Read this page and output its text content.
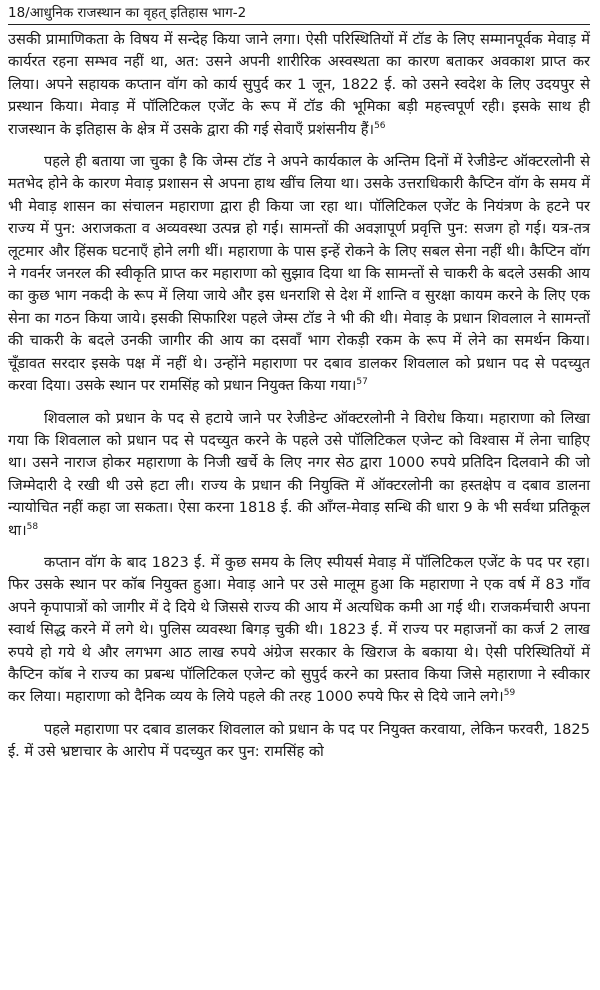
18/आधुनिक राजस्थान का वृहत् इतिहास भाग-2

उसकी प्रामाणिकता के विषय में सन्देह किया जाने लगा। ऐसी परिस्थितियों में टॉड के लिए सम्मानपूर्वक मेवाड़ में कार्यरत रहना सम्भव नहीं था, अत: उसने अपनी शारीरिक अस्वस्थता का कारण बताकर अवकाश प्राप्त कर लिया। अपने सहायक कप्तान वॉग को कार्य सुपुर्द कर 1 जून, 1822 ई. को उसने स्वदेश के लिए उदयपुर से प्रस्थान किया। मेवाड़ में पॉलिटिकल एजेंट के रूप में टॉड की भूमिका बड़ी महत्त्वपूर्ण रही। इसके साथ ही राजस्थान के इतिहास के क्षेत्र में उसके द्वारा की गई सेवाएँ प्रशंसनीय हैं।$^{56}$

पहले ही बताया जा चुका है कि जेम्स टॉड ने अपने कार्यकाल के अन्तिम दिनों में रेजीडेन्ट ऑक्टरलोनी से मतभेद होने के कारण मेवाड़ प्रशासन से अपना हाथ खींच लिया था। उसके उत्तराधिकारी कैप्टिन वॉग के समय में भी मेवाड़ शासन का संचालन महाराणा द्वारा ही किया जा रहा था। पॉलिटिकल एजेंट के नियंत्रण के हटने पर राज्य में पुन: अराजकता व अव्यवस्था उत्पन्न हो गई। सामन्तों की अवज्ञापूर्ण प्रवृत्ति पुन: सजग हो गई। यत्र-तत्र लूटमार और हिंसक घटनाएँ होने लगी थीं। महाराणा के पास इन्हें रोकने के लिए सबल सेना नहीं थी। कैप्टिन वॉग ने गवर्नर जनरल की स्वीकृति प्राप्त कर महाराणा को सुझाव दिया था कि सामन्तों से चाकरी के बदले उसकी आय का कुछ भाग नकदी के रूप में लिया जाये और इस धनराशि से देश में शान्ति व सुरक्षा कायम करने के लिए एक सेना का गठन किया जाये। इसकी सिफारिश पहले जेम्स टॉड ने भी की थी। मेवाड़ के प्रधान शिवलाल ने सामन्तों की चाकरी के बदले उनकी जागीर की आय का दसवाँ भाग रोकड़ी रकम के रूप में लेने का समर्थन किया। चूँडावत सरदार इसके पक्ष में नहीं थे। उन्होंने महाराणा पर दबाव डालकर शिवलाल को प्रधान पद से पदच्युत करवा दिया। उसके स्थान पर रामसिंह को प्रधान नियुक्त किया गया।$^{57}$

शिवलाल को प्रधान के पद से हटाये जाने पर रेजीडेन्ट ऑक्टरलोनी ने विरोध किया। महाराणा को लिखा गया कि शिवलाल को प्रधान पद से पदच्युत करने के पहले उसे पॉलिटिकल एजेन्ट को विश्वास में लेना चाहिए था। उसने नाराज होकर महाराणा के निजी खर्चे के लिए नगर सेठ द्वारा 1000 रुपये प्रतिदिन दिलवाने की जो जिम्मेदारी दे रखी थी उसे हटा ली। राज्य के प्रधान की नियुक्ति में ऑक्टरलोनी का हस्तक्षेप व दबाव डालना न्यायोचित नहीं कहा जा सकता। ऐसा करना 1818 ई. की आँग्ल-मेवाड़ सन्धि की धारा 9 के भी सर्वथा प्रतिकूल था।$^{58}$

कप्तान वॉग के बाद 1823 ई. में कुछ समय के लिए स्पीयर्स मेवाड़ में पॉलिटिकल एजेंट के पद पर रहा। फिर उसके स्थान पर कॉब नियुक्त हुआ। मेवाड़ आने पर उसे मालूम हुआ कि महाराणा ने एक वर्ष में 83 गाँव अपने कृपापात्रों को जागीर में दे दिये थे जिससे राज्य की आय में अत्यधिक कमी आ गई थी। राजकर्मचारी अपना स्वार्थ सिद्ध करने में लगे थे। पुलिस व्यवस्था बिगड़ चुकी थी। 1823 ई. में राज्य पर महाजनों का कर्ज 2 लाख रुपये हो गये थे और लगभग आठ लाख रुपये अंग्रेज सरकार के खिराज के बकाया थे। ऐसी परिस्थितियों में कैप्टिन कॉब ने राज्य का प्रबन्ध पॉलिटिकल एजेन्ट को सुपुर्द करने का प्रस्ताव किया जिसे महाराणा ने स्वीकार कर लिया। महाराणा को दैनिक व्यय के लिये पहले की तरह 1000 रुपये फिर से दिये जाने लगे।$^{59}$

पहले महाराणा पर दबाव डालकर शिवलाल को प्रधान के पद पर नियुक्त करवाया, लेकिन फरवरी, 1825 ई. में उसे भ्रष्टाचार के आरोप में पदच्युत कर पुन: रामसिंह को
